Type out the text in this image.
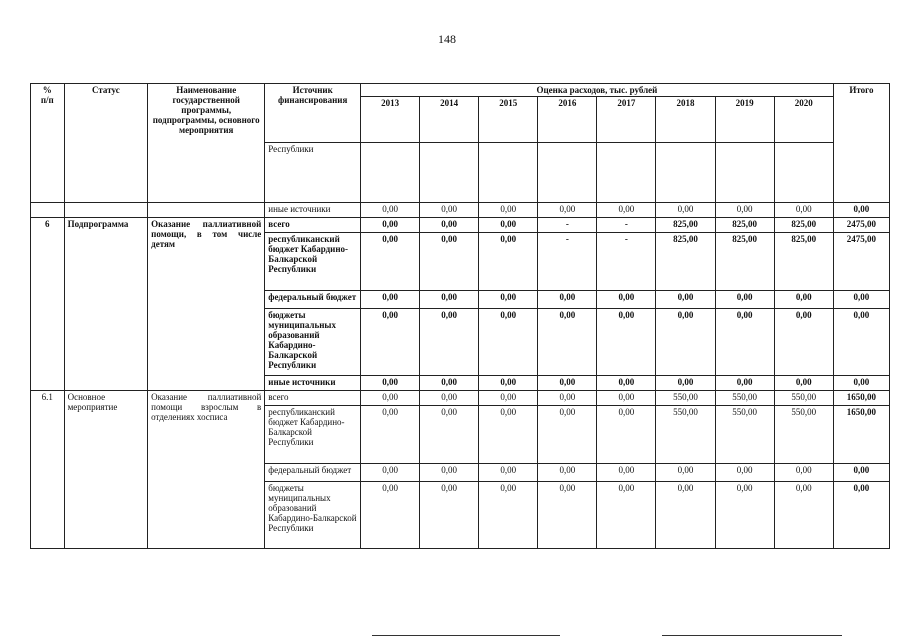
148
%
п/п	Статус	Наименование государственной программы, подпрограммы, основного мероприятия	Источник финансирования	Оценка расходов, тыс. рублей								Итого
				2013	2014	2015	2016	2017	2018	2019	2020	
			Республики									
			иные источники	0,00	0,00	0,00	0,00	0,00	0,00	0,00	0,00	0,00
6	Подпрограмма	Оказание паллиативной помощи, в том числе детям	всего	0,00	0,00	0,00	-	-	825,00	825,00	825,00	2475,00
			республиканский бюджет Кабардино-Балкарской Республики	0,00	0,00	0,00	-	-	825,00	825,00	825,00	2475,00
			федеральный бюджет	0,00	0,00	0,00	0,00	0,00	0,00	0,00	0,00	0,00
			бюджеты муниципальных образований Кабардино-Балкарской Республики	0,00	0,00	0,00	0,00	0,00	0,00	0,00	0,00	0,00
			иные источники	0,00	0,00	0,00	0,00	0,00	0,00	0,00	0,00	0,00
6.1	Основное мероприятие	Оказание паллиативной помощи взрослым в отделениях хосписа	всего	0,00	0,00	0,00	0,00	0,00	550,00	550,00	550,00	1650,00
			республиканский бюджет Кабардино-Балкарской Республики	0,00	0,00	0,00	0,00	0,00	550,00	550,00	550,00	1650,00
			федеральный бюджет	0,00	0,00	0,00	0,00	0,00	0,00	0,00	0,00	0,00
			бюджеты муниципальных образований Кабардино-Балкарской Республики	0,00	0,00	0,00	0,00	0,00	0,00	0,00	0,00	0,00
